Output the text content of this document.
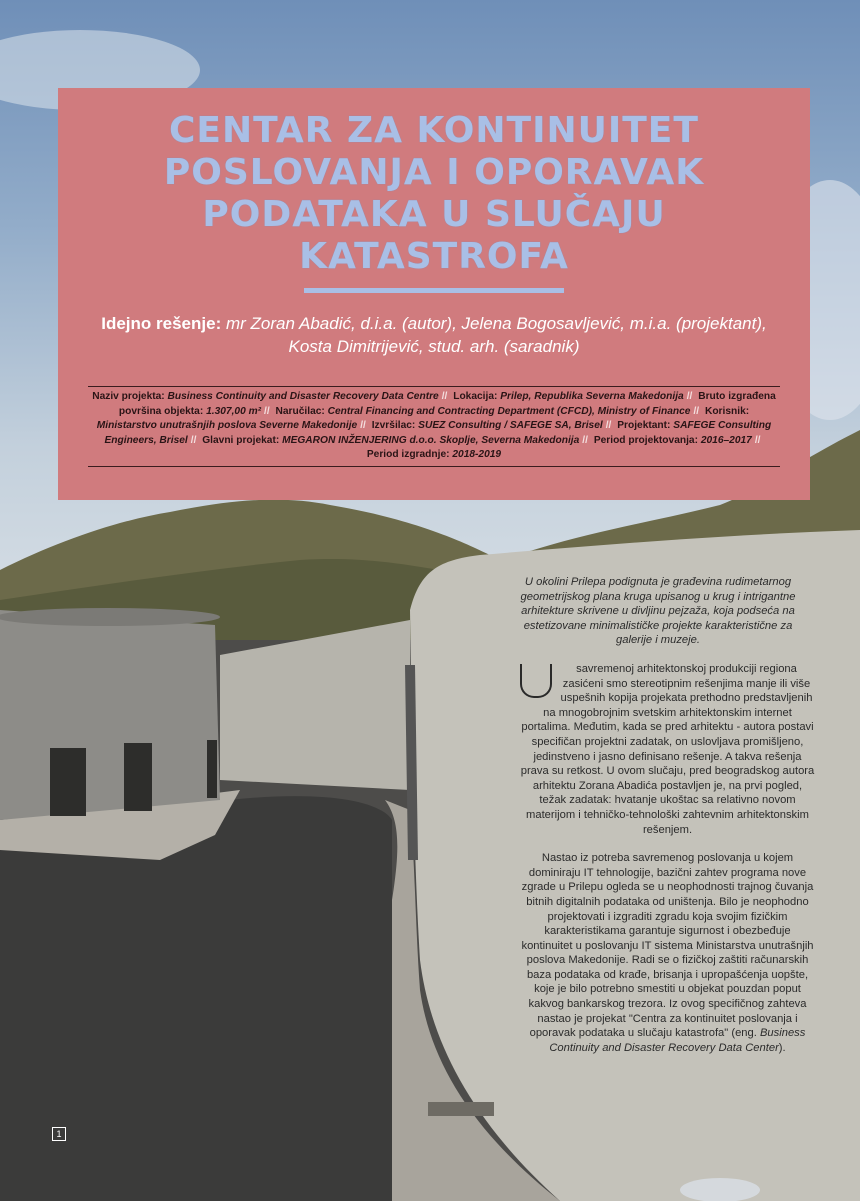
CENTAR ZA KONTINUITET
POSLOVANJA I OPORAVAK
PODATAKA U SLUČAJU
KATASTROFA
Idejno rešenje: mr Zoran Abadić, d.i.a. (autor), Jelena Bogosavljević, m.i.a. (projektant),
Kosta Dimitrijević, stud. arh. (saradnik)
Naziv projekta: Business Continuity and Disaster Recovery Data Centre // Lokacija: Prilep, Republika Severna Makedonija // Bruto izgrađena površina objekta: 1.307,00 m² // Naručilac: Central Financing and Contracting Department (CFCD), Ministry of Finance // Korisnik: Ministarstvo unutrašnjih poslova Severne Makedonije // Izvršilac: SUEZ Consulting / SAFEGE SA, Brisel // Projektant: SAFEGE Consulting Engineers, Brisel // Glavni projekat: MEGARON INŽENJERING d.o.o. Skoplje, Severna Makedonija // Period projektovanja: 2016–2017 // Period izgradnje: 2018-2019

U okolini Prilepa podignuta je građevina rudimetarnog geometrijskog plana kruga upisanog u krug i intrigantne arhitekture skrivene u divljinu pejzaža, koja podseća na estetizovane minimalističke projekte karakteristične za galerije i muzeje.

savremenoj arhitektonskoj produkciji regiona zasićeni smo stereotipnim rešenjima manje ili više uspešnih kopija projekata prethodno predstavljenih na mnogobrojnim svetskim arhitektonskim internet portalima. Međutim, kada se pred arhitektu - autora postavi specifičan projektni zadatak, on uslovljava promišljeno, jedinstveno i jasno definisano rešenje. A takva rešenja prava su retkost. U ovom slučaju, pred beogradskog autora arhitektu Zorana Abadića postavljen je, na prvi pogled, težak zadatak: hvatanje ukoštac sa relativno novom materijom i tehničko-tehnološki zahtevnim arhitektonskim rešenjem.

Nastao iz potreba savremenog poslovanja u kojem dominiraju IT tehnologije, bazični zahtev programa nove zgrade u Prilepu ogleda se u neophodnosti trajnog čuvanja bitnih digitalnih podataka od uništenja. Bilo je neophodno projektovati i izgraditi zgradu koja svojim fizičkim karakteristikama garantuje sigurnost i obezbeđuje kontinuitet u poslovanju IT sistema Ministarstva unutrašnjih poslova Makedonije. Radi se o fizičkoj zaštiti računarskih baza podataka od krađe, brisanja i upropašćenja uopšte, koje je bilo potrebno smestiti u objekat pouzdan poput kakvog bankarskog trezora. Iz ovog specifičnog zahteva nastao je projekat "Centra za kontinuitet poslovanja i oporavak podataka u slučaju katastrofa" (eng. Business Continuity and Disaster Recovery Data Center).

1
